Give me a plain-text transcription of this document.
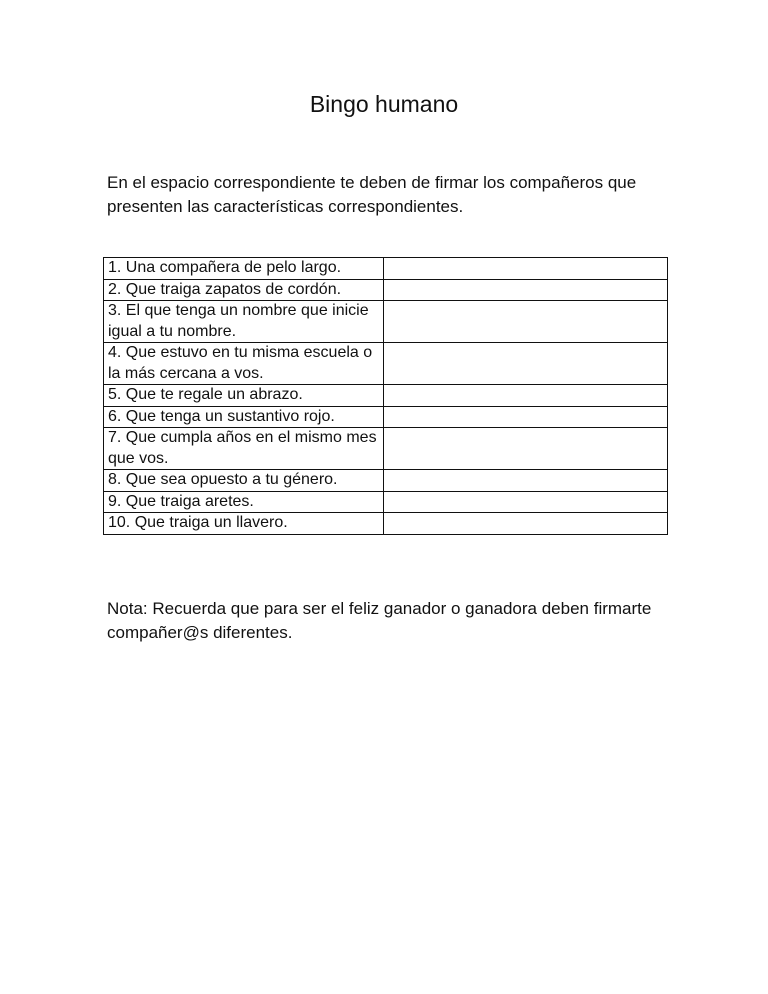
Bingo humano
En el espacio correspondiente te deben de firmar los compañeros que presenten las características correspondientes.
1. Una compañera de pelo largo.	
2. Que traiga zapatos de cordón.	
3. El que tenga un nombre que inicie igual a tu nombre.	
4. Que estuvo en tu misma escuela o la más cercana a vos.	
5. Que te regale un abrazo.	
6. Que tenga un sustantivo rojo.	
7. Que cumpla años en el mismo mes que vos.	
8. Que sea opuesto a tu género.	
9. Que traiga aretes.	
10. Que traiga un llavero.	
Nota: Recuerda que para ser el feliz ganador o ganadora deben firmarte compañer@s diferentes.
